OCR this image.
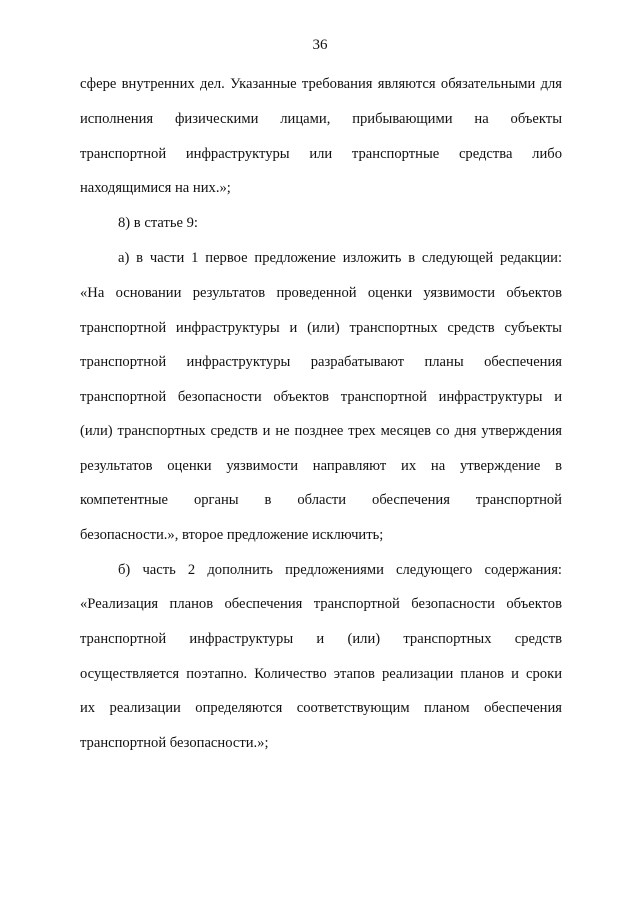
36
сфере внутренних дел. Указанные требования являются обязательными для
исполнения физическими лицами, прибывающими на объекты
транспортной инфраструктуры или транспортные средства либо
находящимися на них.»;
8) в статье 9:
а) в части 1 первое предложение изложить в следующей редакции:
«На основании результатов проведенной оценки уязвимости объектов
транспортной инфраструктуры и (или) транспортных средств субъекты
транспортной инфраструктуры разрабатывают планы обеспечения
транспортной безопасности объектов транспортной инфраструктуры и
(или) транспортных средств и не позднее трех месяцев со дня утверждения
результатов оценки уязвимости направляют их на утверждение в
компетентные органы в области обеспечения транспортной
безопасности.», второе предложение исключить;
б) часть 2 дополнить предложениями следующего содержания:
«Реализация планов обеспечения транспортной безопасности объектов
транспортной инфраструктуры и (или) транспортных средств
осуществляется поэтапно. Количество этапов реализации планов и сроки
их реализации определяются соответствующим планом обеспечения
транспортной безопасности.»;
